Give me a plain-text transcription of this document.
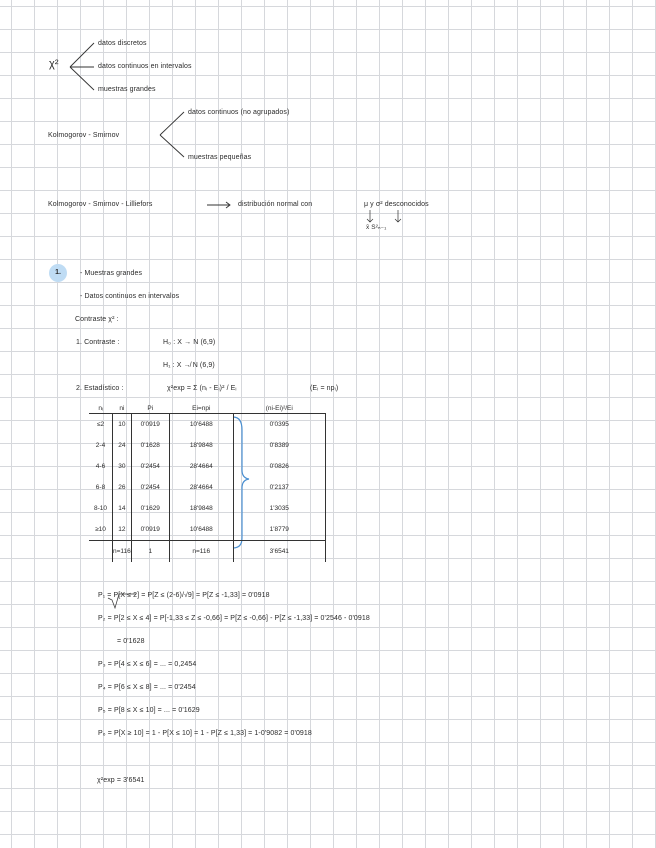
χ²
datos discretos
datos continuos en intervalos
muestras grandes
Kolmogorov - Smirnov
datos continuos (no agrupados)
muestras pequeñas
Kolmogorov - Smirnov - Lilliefors	distribución normal con	μ y σ² desconocidos
x̄ S²ₙ₋₁
1.	- Muestras grandes
- Datos continuos en intervalos
Contraste χ² :
1. Contraste :	H₀ : X → N (6,9)
H₁ : X ↛ N (6,9)
2. Estadístico :	χ²exp = Σ (nᵢ - Eᵢ)² / Eᵢ	(Eᵢ = npᵢ)
nᵢ	ni	Pi	Ei=npi	(ni-Ei)²/Ei
≤2	10	0'0919	10'6488	0'0395
2-4	24	0'1628	18'9848	0'8389
4-6	30	0'2454	28'4664	0'0826
6-8	26	0'2454	28'4664	0'2137
8-10	14	0'1629	18'9848	1'3035
≥10	12	0'0919	10'6488	1'8779
	n=116	1	n=116	3'6541
P₁ = P[X ≤ 2] = P[Z ≤ (2-6)/√9] = P[Z ≤ -1,33] = 0'0918
P₂ = P[2 ≤ X ≤ 4] = P[-1,33 ≤ Z ≤ -0,66] = P[Z ≤ -0,66] - P[Z ≤ -1,33] = 0'2546 - 0'0918
= 0'1628
P₃ = P[4 ≤ X ≤ 6] = ... = 0,2454
P₄ = P[6 ≤ X ≤ 8] = ... = 0'2454
P₅ = P[8 ≤ X ≤ 10] = ... = 0'1629
P₆ = P[X ≥ 10] = 1 - P[X ≤ 10] = 1 - P[Z ≤ 1,33] = 1-0'9082 = 0'0918
χ²exp = 3'6541
